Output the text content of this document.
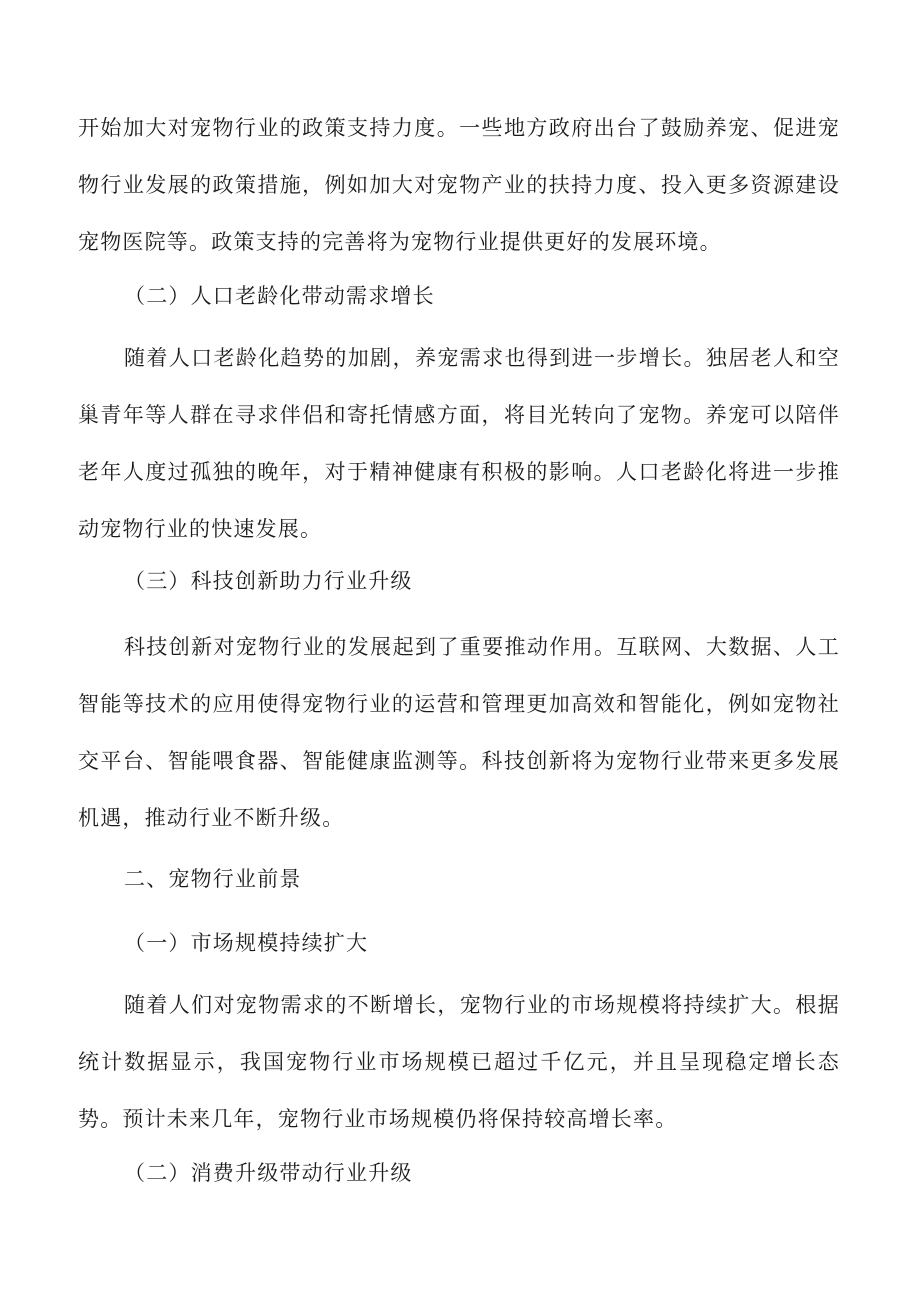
开始加大对宠物行业的政策支持力度。一些地方政府出台了鼓励养宠、促进宠物行业发展的政策措施，例如加大对宠物产业的扶持力度、投入更多资源建设宠物医院等。政策支持的完善将为宠物行业提供更好的发展环境。

（二）人口老龄化带动需求增长

随着人口老龄化趋势的加剧，养宠需求也得到进一步增长。独居老人和空巢青年等人群在寻求伴侣和寄托情感方面，将目光转向了宠物。养宠可以陪伴老年人度过孤独的晚年，对于精神健康有积极的影响。人口老龄化将进一步推动宠物行业的快速发展。

（三）科技创新助力行业升级

科技创新对宠物行业的发展起到了重要推动作用。互联网、大数据、人工智能等技术的应用使得宠物行业的运营和管理更加高效和智能化，例如宠物社交平台、智能喂食器、智能健康监测等。科技创新将为宠物行业带来更多发展机遇，推动行业不断升级。

二、宠物行业前景

（一）市场规模持续扩大

随着人们对宠物需求的不断增长，宠物行业的市场规模将持续扩大。根据统计数据显示，我国宠物行业市场规模已超过千亿元，并且呈现稳定增长态势。预计未来几年，宠物行业市场规模仍将保持较高增长率。

（二）消费升级带动行业升级
